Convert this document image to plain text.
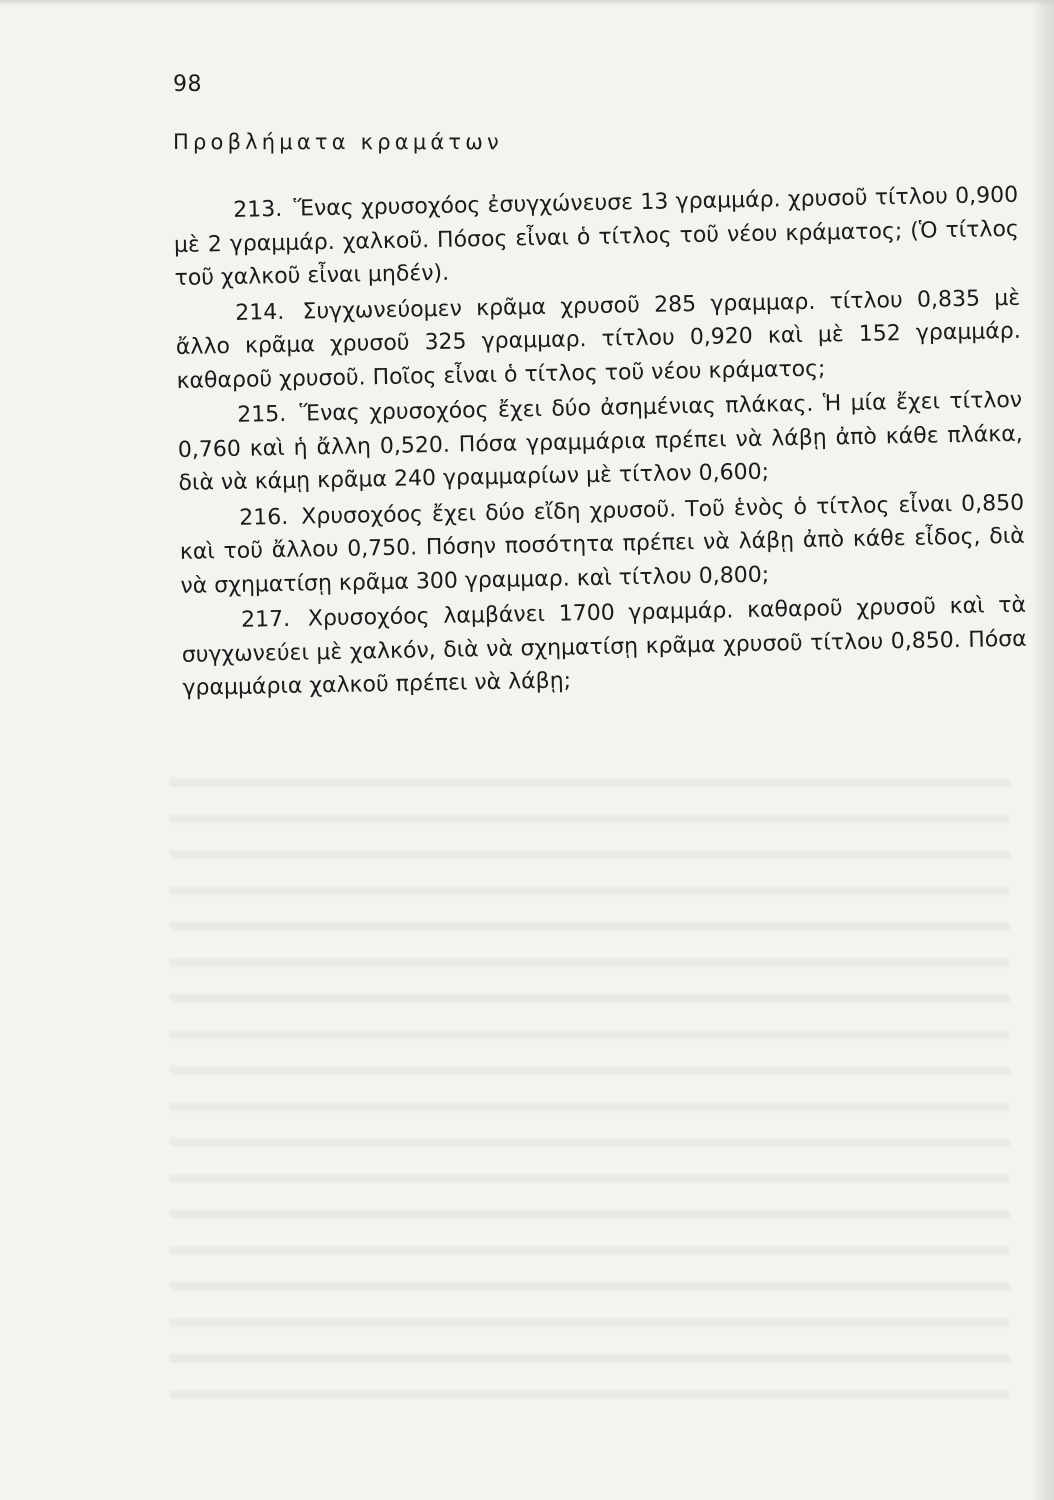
98
Προβλήματα κραμάτων

213. Ἕνας χρυσοχόος ἐσυγχώνευσε 13 γραμμάρ. χρυσοῦ τίτλου 0,900 μὲ 2 γραμμάρ. χαλκοῦ. Πόσος εἶναι ὁ τίτλος τοῦ νέου κράματος; (Ὁ τίτλος τοῦ χαλκοῦ εἶναι μηδέν).

214. Συγχωνεύομεν κρᾶμα χρυσοῦ 285 γραμμαρ. τίτλου 0,835 μὲ ἄλλο κρᾶμα χρυσοῦ 325 γραμμαρ. τίτλου 0,920 καὶ μὲ 152 γραμμάρ. καθαροῦ χρυσοῦ. Ποῖος εἶναι ὁ τίτλος τοῦ νέου κράματος;

215. Ἕνας χρυσοχόος ἔχει δύο ἀσημένιας πλάκας. Ἡ μία ἔχει τίτλον 0,760 καὶ ἡ ἄλλη 0,520. Πόσα γραμμάρια πρέπει νὰ λάβῃ ἀπὸ κάθε πλάκα, διὰ νὰ κάμῃ κρᾶμα 240 γραμμαρίων μὲ τίτλον 0,600;

216. Χρυσοχόος ἔχει δύο εἴδη χρυσοῦ. Τοῦ ἑνὸς ὁ τίτλος εἶναι 0,850 καὶ τοῦ ἄλλου 0,750. Πόσην ποσότητα πρέπει νὰ λάβῃ ἀπὸ κάθε εἶδος, διὰ νὰ σχηματίσῃ κρᾶμα 300 γραμμαρ. καὶ τίτλου 0,800;

217. Χρυσοχόος λαμβάνει 1700 γραμμάρ. καθαροῦ χρυσοῦ καὶ τὰ συγχωνεύει μὲ χαλκόν, διὰ νὰ σχηματίσῃ κρᾶμα χρυσοῦ τίτλου 0,850. Πόσα γραμμάρια χαλκοῦ πρέπει νὰ λάβῃ;
